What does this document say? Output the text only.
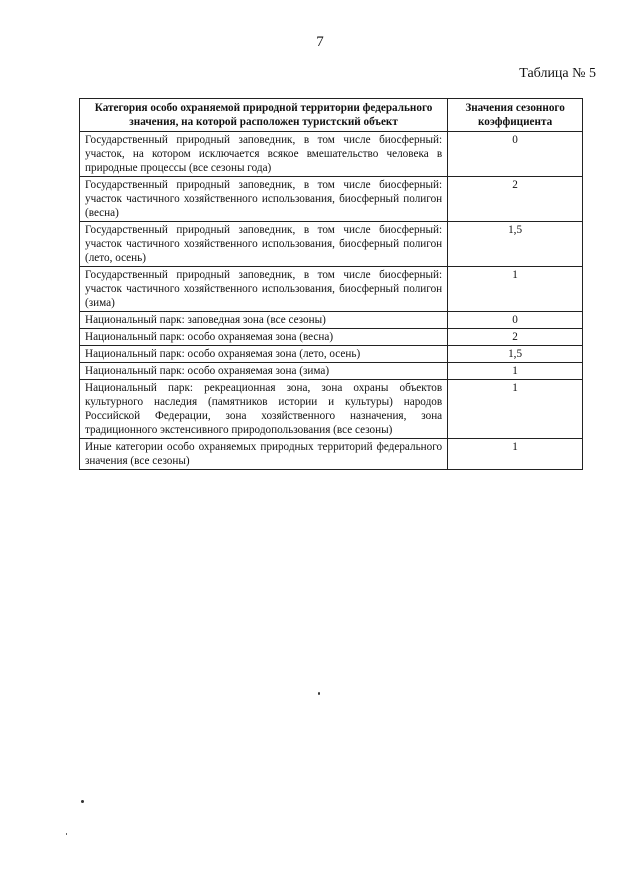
7
Таблица № 5
Категория особо охраняемой природной территории федерального значения, на которой расположен туристский объект	Значения сезонного коэффициента
Государственный природный заповедник, в том числе биосферный: участок, на котором исключается всякое вмешательство человека в природные процессы (все сезоны года)	0
Государственный природный заповедник, в том числе биосферный: участок частичного хозяйственного использования, биосферный полигон (весна)	2
Государственный природный заповедник, в том числе биосферный: участок частичного хозяйственного использования, биосферный полигон (лето, осень)	1,5
Государственный природный заповедник, в том числе биосферный: участок частичного хозяйственного использования, биосферный полигон (зима)	1
Национальный парк: заповедная зона (все сезоны)	0
Национальный парк: особо охраняемая зона (весна)	2
Национальный парк: особо охраняемая зона (лето, осень)	1,5
Национальный парк: особо охраняемая зона (зима)	1
Национальный парк: рекреационная зона, зона охраны объектов культурного наследия (памятников истории и культуры) народов Российской Федерации, зона хозяйственного назначения, зона традиционного экстенсивного природопользования (все сезоны)	1
Иные категории особо охраняемых природных территорий федерального значения (все сезоны)	1
